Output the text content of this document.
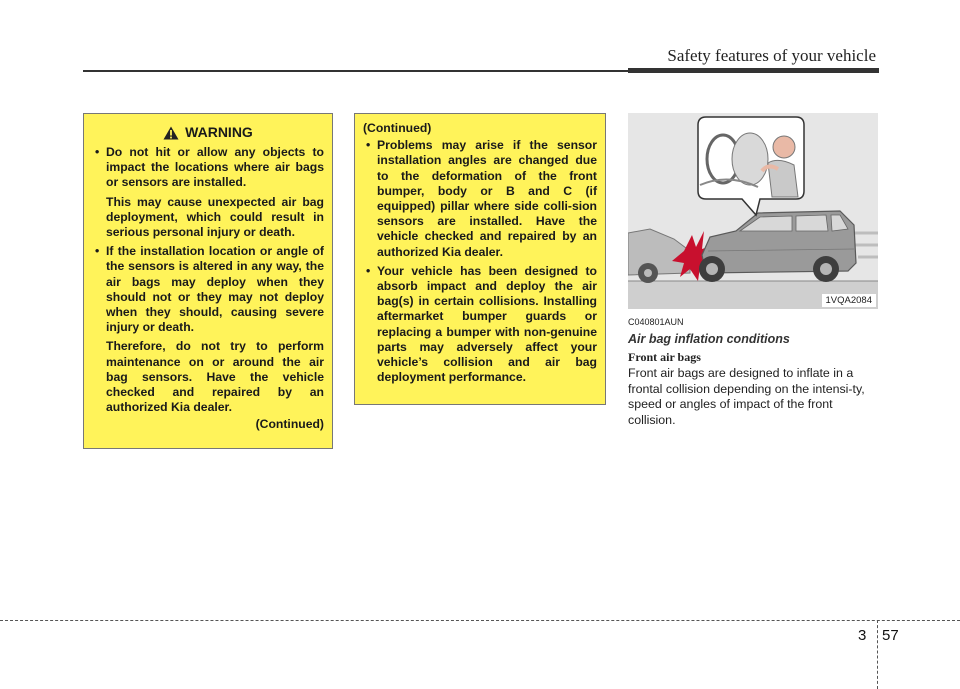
Safety features of your vehicle
WARNING
• Do not hit or allow any objects to impact the locations where air bags or sensors are installed.
This may cause unexpected air bag deployment, which could result in serious personal injury or death.
• If the installation location or angle of the sensors is altered in any way, the air bags may deploy when they should not or they may not deploy when they should, causing severe injury or death.
Therefore, do not try to perform maintenance on or around the air bag sensors. Have the vehicle checked and repaired by an authorized Kia dealer.
(Continued)
(Continued)
• Problems may arise if the sensor installation angles are changed due to the deformation of the front bumper, body or B and C (if equipped) pillar where side colli-sion sensors are installed. Have the vehicle checked and repaired by an authorized Kia dealer.
• Your vehicle has been designed to absorb impact and deploy the air bag(s) in certain collisions. Installing aftermarket bumper guards or replacing a bumper with non-genuine parts may adversely affect your vehicle’s collision and air bag deployment performance.
1VQA2084
C040801AUN
Air bag inflation conditions
Front air bags
Front air bags are designed to inflate in a frontal collision depending on the intensi-ty, speed or angles of impact of the front collision.
3 57
